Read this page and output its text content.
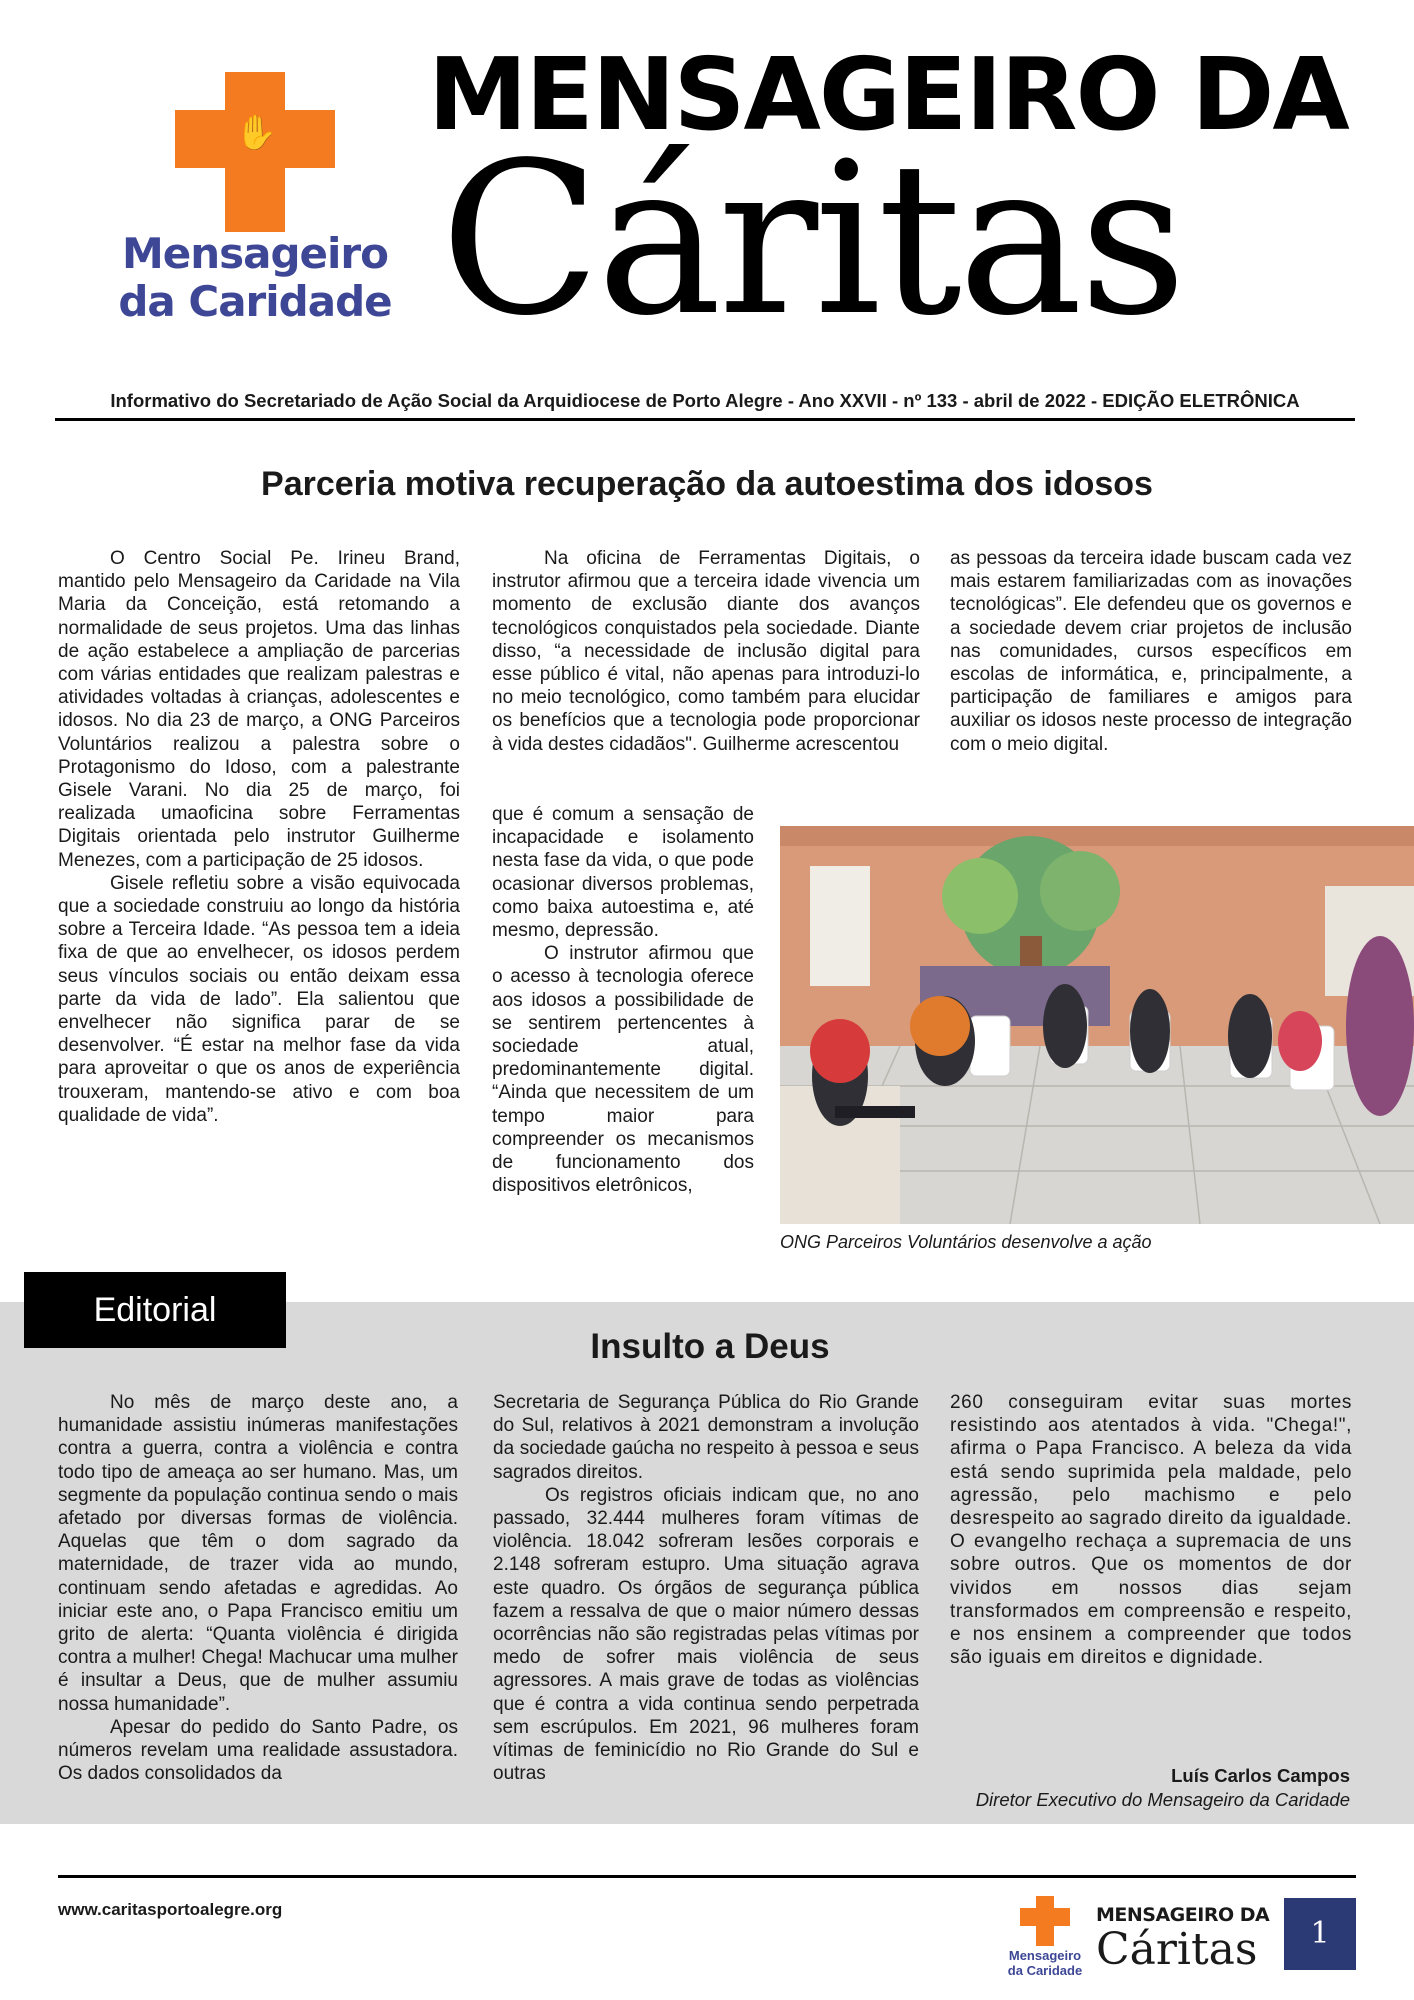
✋
Mensageiro
da Caridade
MENSAGEIRO DA
Cáritas
Informativo do Secretariado de Ação Social da Arquidiocese de Porto Alegre - Ano XXVII - nº 133 - abril de 2022 - EDIÇÃO ELETRÔNICA
Parceria motiva recuperação da autoestima dos idosos

O Centro Social Pe. Irineu Brand, mantido pelo Mensageiro da Caridade na Vila Maria da Conceição, está retomando a normalidade de seus projetos. Uma das linhas de ação estabelece a ampliação de parcerias com várias entidades que realizam palestras e atividades voltadas à crianças, adolescentes e idosos. No dia 23 de março, a ONG Parceiros Voluntários realizou a palestra sobre o Protagonismo do Idoso, com a palestrante Gisele Varani. No dia 25 de março, foi realizada umaoficina sobre Ferramentas Digitais orientada pelo instrutor Guilherme Menezes, com a participação de 25 idosos.

Gisele refletiu sobre a visão equivocada que a sociedade construiu ao longo da história sobre a Terceira Idade. “As pessoa tem a ideia fixa de que ao envelhecer, os idosos perdem seus vínculos sociais ou então deixam essa parte da vida de lado”. Ela salientou que envelhecer não significa parar de se desenvolver. “É estar na melhor fase da vida para aproveitar o que os anos de experiência trouxeram, mantendo-se ativo e com boa qualidade de vida”.

Na oficina de Ferramentas Digitais, o instrutor afirmou que a terceira idade vivencia um momento de exclusão diante dos avanços tecnológicos conquistados pela sociedade. Diante disso, “a necessidade de inclusão digital para esse público é vital, não apenas para introduzi-lo no meio tecnológico, como também para elucidar os benefícios que a tecnologia pode proporcionar à vida destes cidadãos". Guilherme acrescentou

que é comum a sensação de incapacidade e isolamento nesta fase da vida, o que pode ocasionar diversos problemas, como baixa autoestima e, até mesmo, depressão.

O instrutor afirmou que o acesso à tecnologia oferece aos idosos a possibilidade de se sentirem pertencentes à sociedade atual, predominantemente digital. “Ainda que necessitem de um tempo maior para compreender os mecanismos de funcionamento dos dispositivos eletrônicos,

as pessoas da terceira idade buscam cada vez mais estarem familiarizadas com as inovações tecnológicas”. Ele defendeu que os governos e a sociedade devem criar projetos de inclusão nas comunidades, cursos específicos em escolas de informática, e, principalmente, a participação de familiares e amigos para auxiliar os idosos neste processo de integração com o meio digital.

ONG Parceiros Voluntários desenvolve a ação
Editorial
Insulto a Deus

No mês de março deste ano, a humanidade assistiu inúmeras manifestações contra a guerra, contra a violência e contra todo tipo de ameaça ao ser humano. Mas, um segmente da população continua sendo o mais afetado por diversas formas de violência. Aquelas que têm o dom sagrado da maternidade, de trazer vida ao mundo, continuam sendo afetadas e agredidas. Ao iniciar este ano, o Papa Francisco emitiu um grito de alerta: “Quanta violência é dirigida contra a mulher! Chega! Machucar uma mulher é insultar a Deus, que de mulher assumiu nossa humanidade”.

Apesar do pedido do Santo Padre, os números revelam uma realidade assustadora. Os dados consolidados da

Secretaria de Segurança Pública do Rio Grande do Sul, relativos à 2021 demonstram a involução da sociedade gaúcha no respeito à pessoa e seus sagrados direitos.

Os registros oficiais indicam que, no ano passado, 32.444 mulheres foram vítimas de violência. 18.042 sofreram lesões corporais e 2.148 sofreram estupro. Uma situação agrava este quadro. Os órgãos de segurança pública fazem a ressalva de que o maior número dessas ocorrências não são registradas pelas vítimas por medo de sofrer mais violência de seus agressores. A mais grave de todas as violências que é contra a vida continua sendo perpetrada sem escrúpulos. Em 2021, 96 mulheres foram vítimas de feminicídio no Rio Grande do Sul e outras

260 conseguiram evitar suas mortes resistindo aos atentados à vida. "Chega!", afirma o Papa Francisco. A beleza da vida está sendo suprimida pela maldade, pelo agressão, pelo machismo e pelo desrespeito ao sagrado direito da igualdade. O evangelho rechaça a supremacia de uns sobre outros. Que os momentos de dor vividos em nossos dias sejam transformados em compreensão e respeito, e nos ensinem a compreender que todos são iguais em direitos e dignidade.

Luís Carlos Campos
Diretor Executivo do Mensageiro da Caridade
www.caritasportoalegre.org
Mensageiro
da Caridade
MENSAGEIRO DA
Cáritas	1
